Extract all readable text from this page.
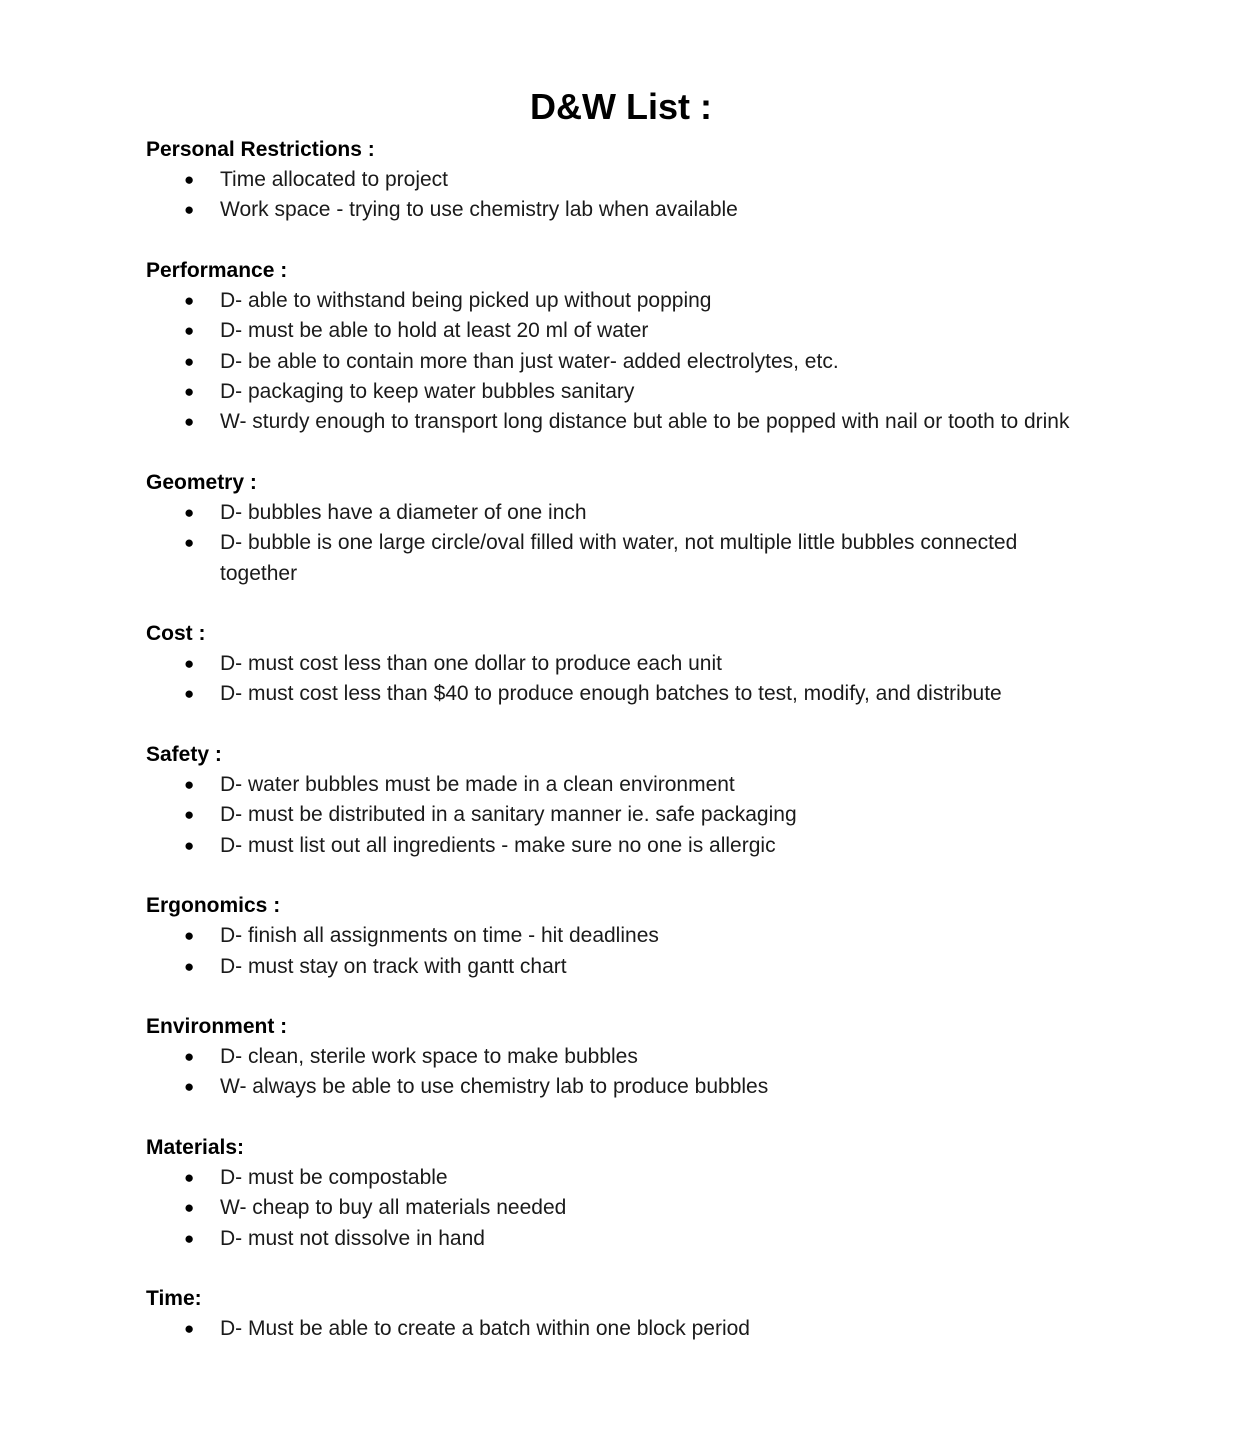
D&W List :
Personal Restrictions :
● Time allocated to project
● Work space - trying to use chemistry lab when available
Performance :
● D- able to withstand being picked up without popping
● D- must be able to hold at least 20 ml of water
● D- be able to contain more than just water- added electrolytes, etc.
● D- packaging to keep water bubbles sanitary
● W- sturdy enough to transport long distance but able to be popped with nail or tooth to drink
Geometry :
● D- bubbles have a diameter of one inch
● D- bubble is one large circle/oval filled with water, not multiple little bubbles connected together
Cost :
● D- must cost less than one dollar to produce each unit
● D- must cost less than $40 to produce enough batches to test, modify, and distribute
Safety :
● D- water bubbles must be made in a clean environment
● D- must be distributed in a sanitary manner ie. safe packaging
● D- must list out all ingredients - make sure no one is allergic
Ergonomics :
● D- finish all assignments on time - hit deadlines
● D- must stay on track with gantt chart
Environment :
● D- clean, sterile work space to make bubbles
● W- always be able to use chemistry lab to produce bubbles
Materials:
● D- must be compostable
● W- cheap to buy all materials needed
● D- must not dissolve in hand
Time:
● D- Must be able to create a batch within one block period
